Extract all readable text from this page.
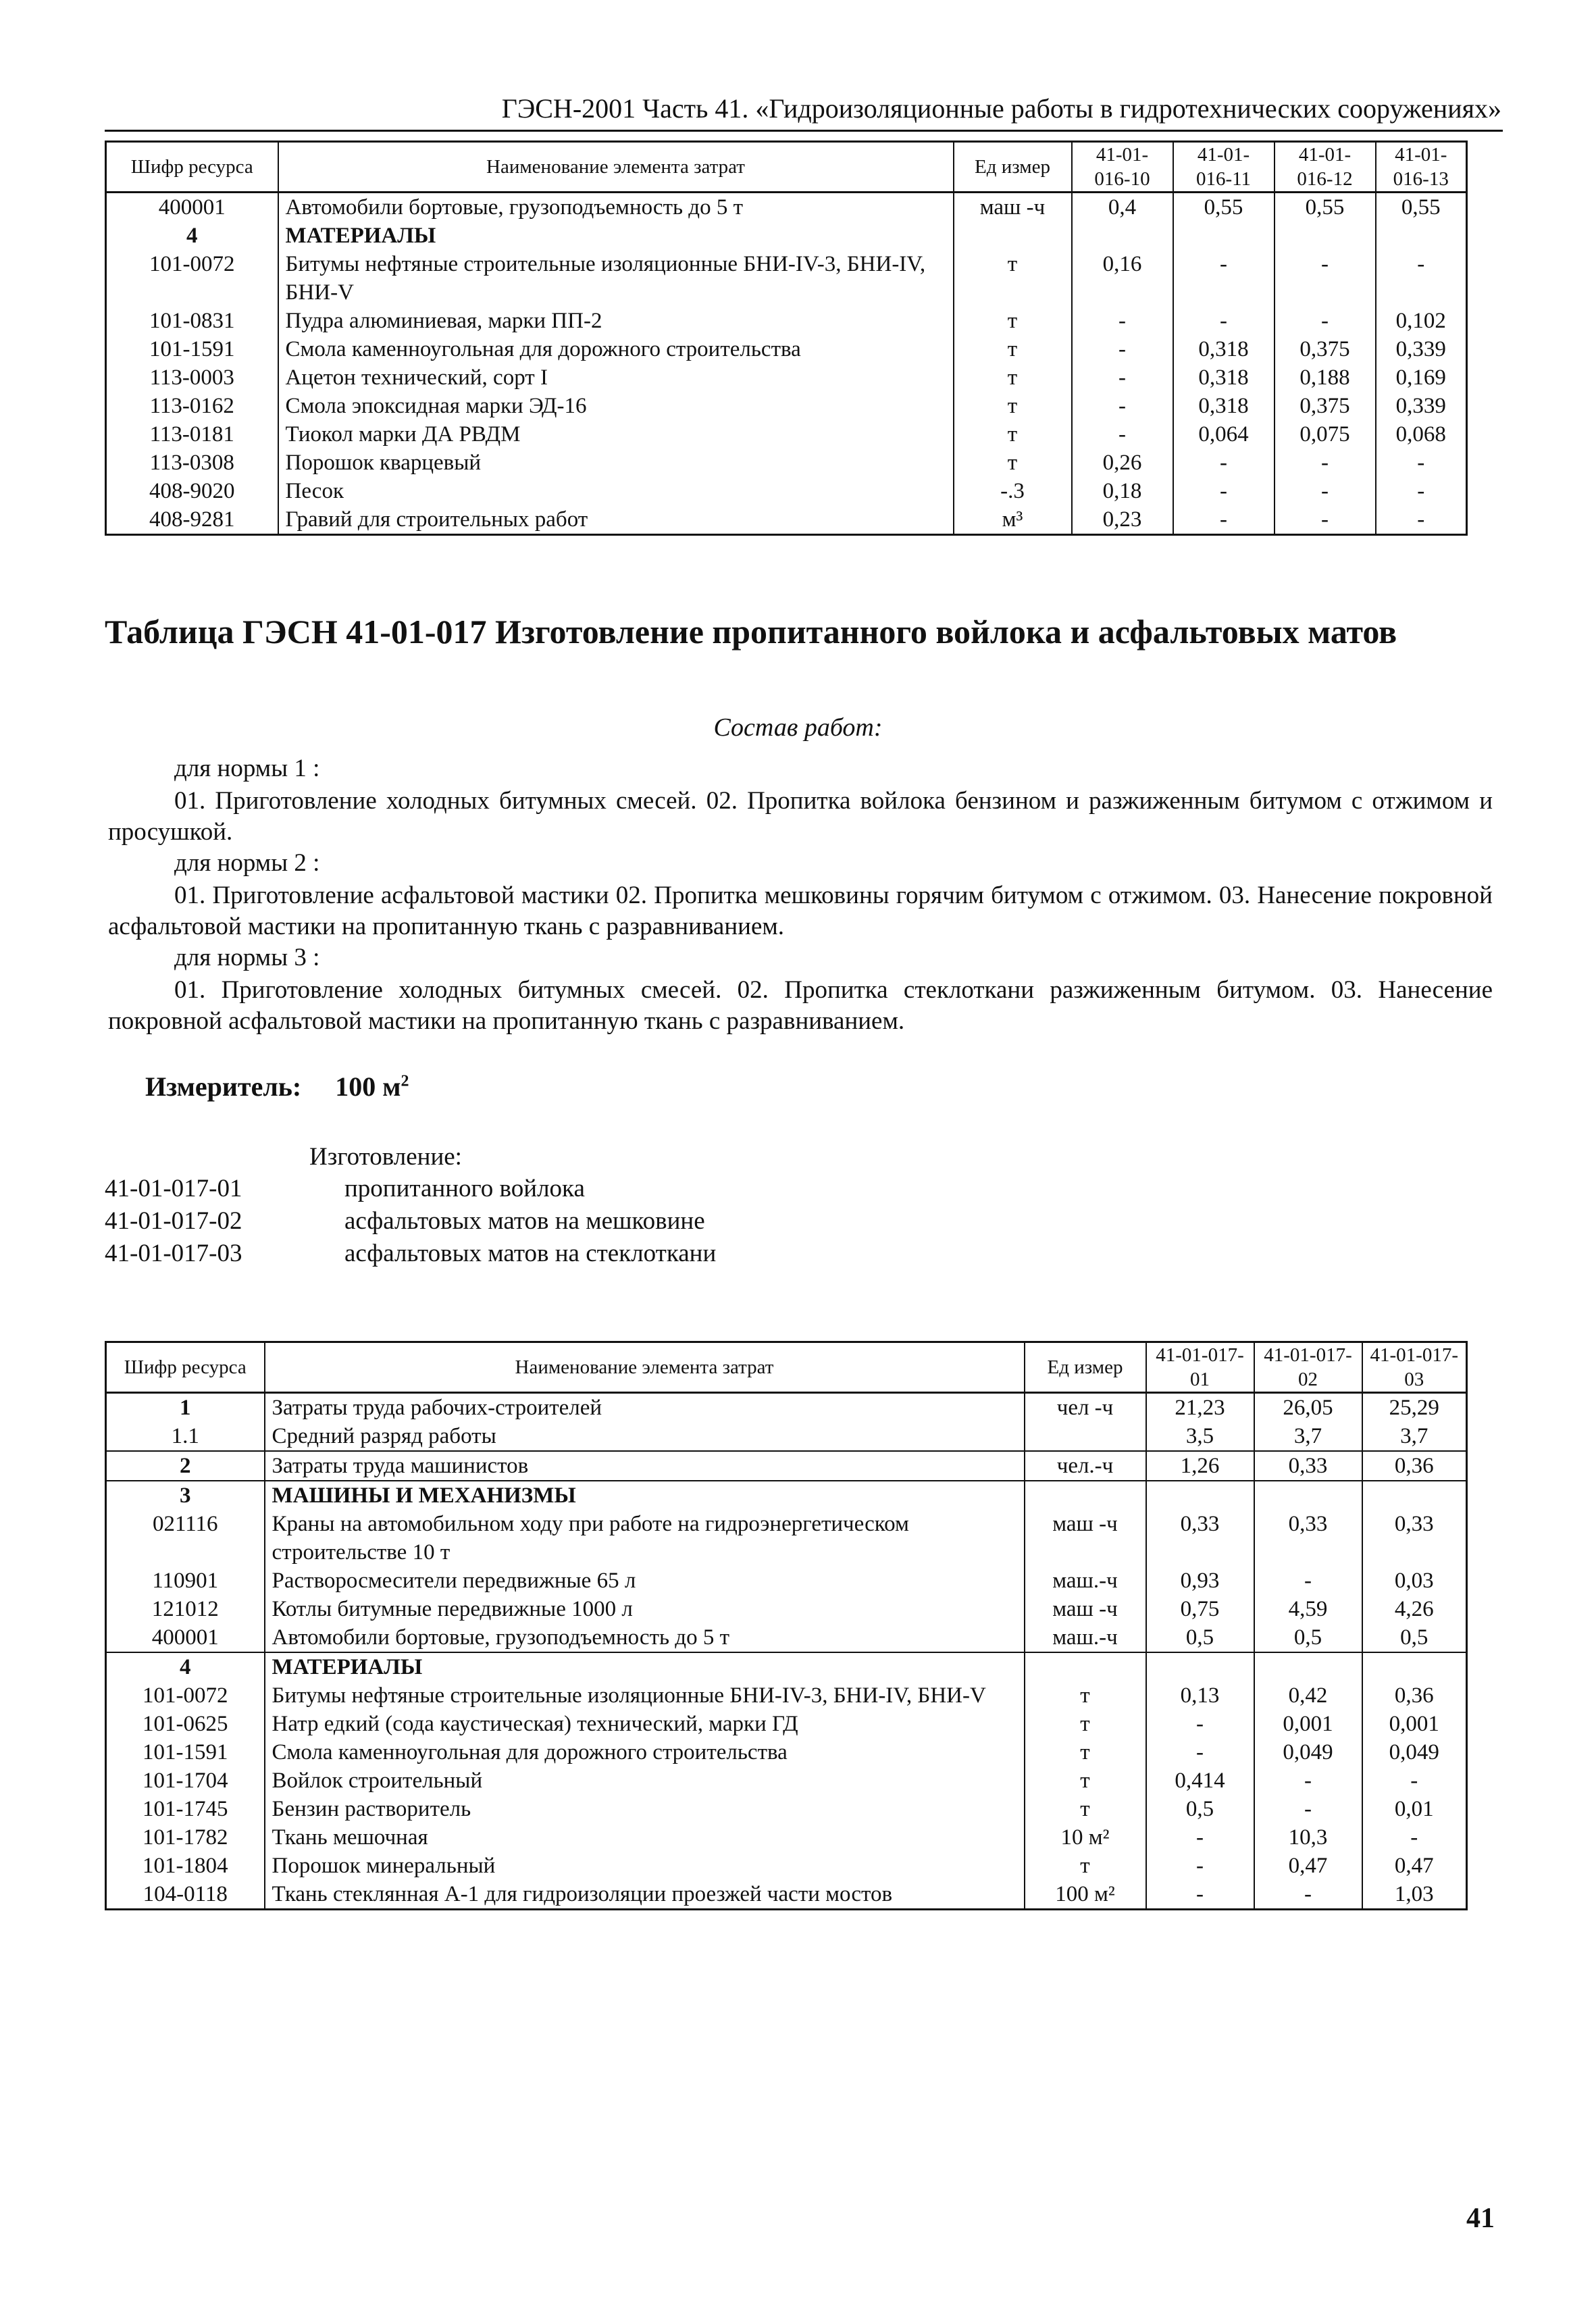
ГЭСН-2001 Часть 41. «Гидроизоляционные работы в гидротехнических сооружениях»
Шифр ресурса	Наименование элемента затрат	Ед измер	41-01-016-10	41-01-016-11	41-01-016-12	41-01-016-13
400001	Автомобили бортовые, грузоподъемность до 5 т	маш -ч	0,4	0,55	0,55	0,55
4	МАТЕРИАЛЫ					
101-0072	Битумы нефтяные строительные изоляционные БНИ-IV-3, БНИ-IV, БНИ-V	т	0,16	-	-	-
101-0831	Пудра алюминиевая, марки ПП-2	т	-	-	-	0,102
101-1591	Смола каменноугольная для дорожного строительства	т	-	0,318	0,375	0,339
113-0003	Ацетон технический, сорт I	т	-	0,318	0,188	0,169
113-0162	Смола эпоксидная марки ЭД-16	т	-	0,318	0,375	0,339
113-0181	Тиокол марки ДА РВДМ	т	-	0,064	0,075	0,068
113-0308	Порошок кварцевый	т	0,26	-	-	-
408-9020	Песок	-.3	0,18	-	-	-
408-9281	Гравий для строительных работ	м³	0,23	-	-	-
Таблица ГЭСН 41-01-017 Изготовление пропитанного войлока и асфальтовых матов
Состав работ:
для нормы 1 :
01. Приготовление холодных битумных смесей. 02. Пропитка войлока бензином и разжиженным битумом с отжимом и просушкой.
для нормы 2 :
01. Приготовление асфальтовой мастики 02. Пропитка мешковины горячим битумом с отжимом. 03. Нанесение покровной асфальтовой мастики на пропитанную ткань с разравниванием.
для нормы 3 :
01. Приготовление холодных битумных смесей. 02. Пропитка стеклоткани разжиженным битумом. 03. Нанесение покровной асфальтовой мастики на пропитанную ткань с разравниванием.
Измеритель: 100 $м^2$
Изготовление:
41-01-017-01	пропитанного войлока
41-01-017-02	асфальтовых матов на мешковине
41-01-017-03	асфальтовых матов на стеклоткани
Шифр ресурса	Наименование элемента затрат	Ед измер	41-01-017-01	41-01-017-02	41-01-017-03
1	Затраты труда рабочих-строителей	чел -ч	21,23	26,05	25,29
1.1	Средний разряд работы		3,5	3,7	3,7
2	Затраты труда машинистов	чел.-ч	1,26	0,33	0,36
3	МАШИНЫ И МЕХАНИЗМЫ				
021116	Краны на автомобильном ходу при работе на гидроэнергетическом строительстве 10 т	маш -ч	0,33	0,33	0,33
110901	Растворосмесители передвижные 65 л	маш.-ч	0,93	-	0,03
121012	Котлы битумные передвижные 1000 л	маш -ч	0,75	4,59	4,26
400001	Автомобили бортовые, грузоподъемность до 5 т	маш.-ч	0,5	0,5	0,5
4	МАТЕРИАЛЫ				
101-0072	Битумы нефтяные строительные изоляционные БНИ-IV-3, БНИ-IV, БНИ-V	т	0,13	0,42	0,36
101-0625	Натр едкий (сода каустическая) технический, марки ГД	т	-	0,001	0,001
101-1591	Смола каменноугольная для дорожного строительства	т	-	0,049	0,049
101-1704	Войлок строительный	т	0,414	-	-
101-1745	Бензин растворитель	т	0,5	-	0,01
101-1782	Ткань мешочная	10 м²	-	10,3	-
101-1804	Порошок минеральный	т	-	0,47	0,47
104-0118	Ткань стеклянная А-1 для гидроизоляции проезжей части мостов	100 м²	-	-	1,03
41
